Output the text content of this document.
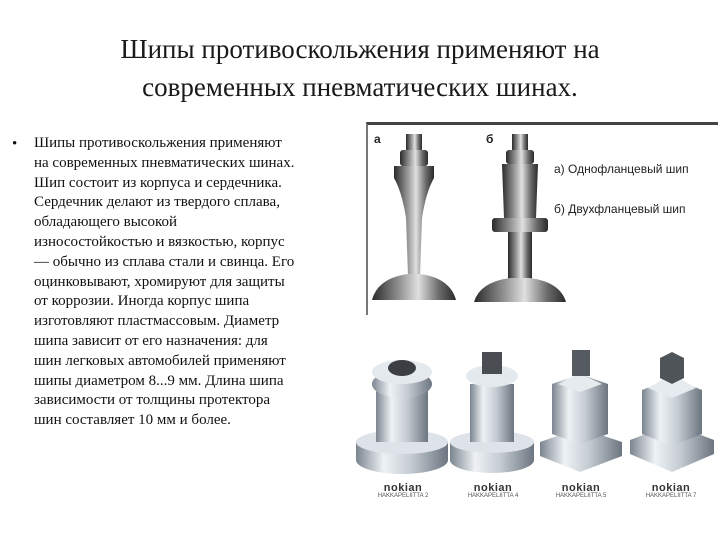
Шипы противоскольжения применяют на
современных пневматических шинах.
• Шипы противоскольжения применяют
на современных пневматических шинах.
Шип состоит из корпуса и сердечника.
Сердечник делают из твердого сплава,
обладающего высокой
износостойкостью и вязкостью, корпус
— обычно из сплава стали и свинца. Его
оцинковывают, хромируют для защиты
от коррозии. Иногда корпус шипа
изготовляют пластмассовым. Диаметр
шипа зависит от его назначения: для
шин легковых автомобилей применяют
шипы диаметром 8...9 мм. Длина шипа
зависимости от толщины протектора
шин составляет 10 мм и более.

а	б
а) Однофланцевый шип
б) Двухфланцевый шип
nokian
HAKKAPELIITTA 2
nokian
HAKKAPELIITTA 4
nokian
HAKKAPELIITTA 5
nokian
HAKKAPELIITTA 7
